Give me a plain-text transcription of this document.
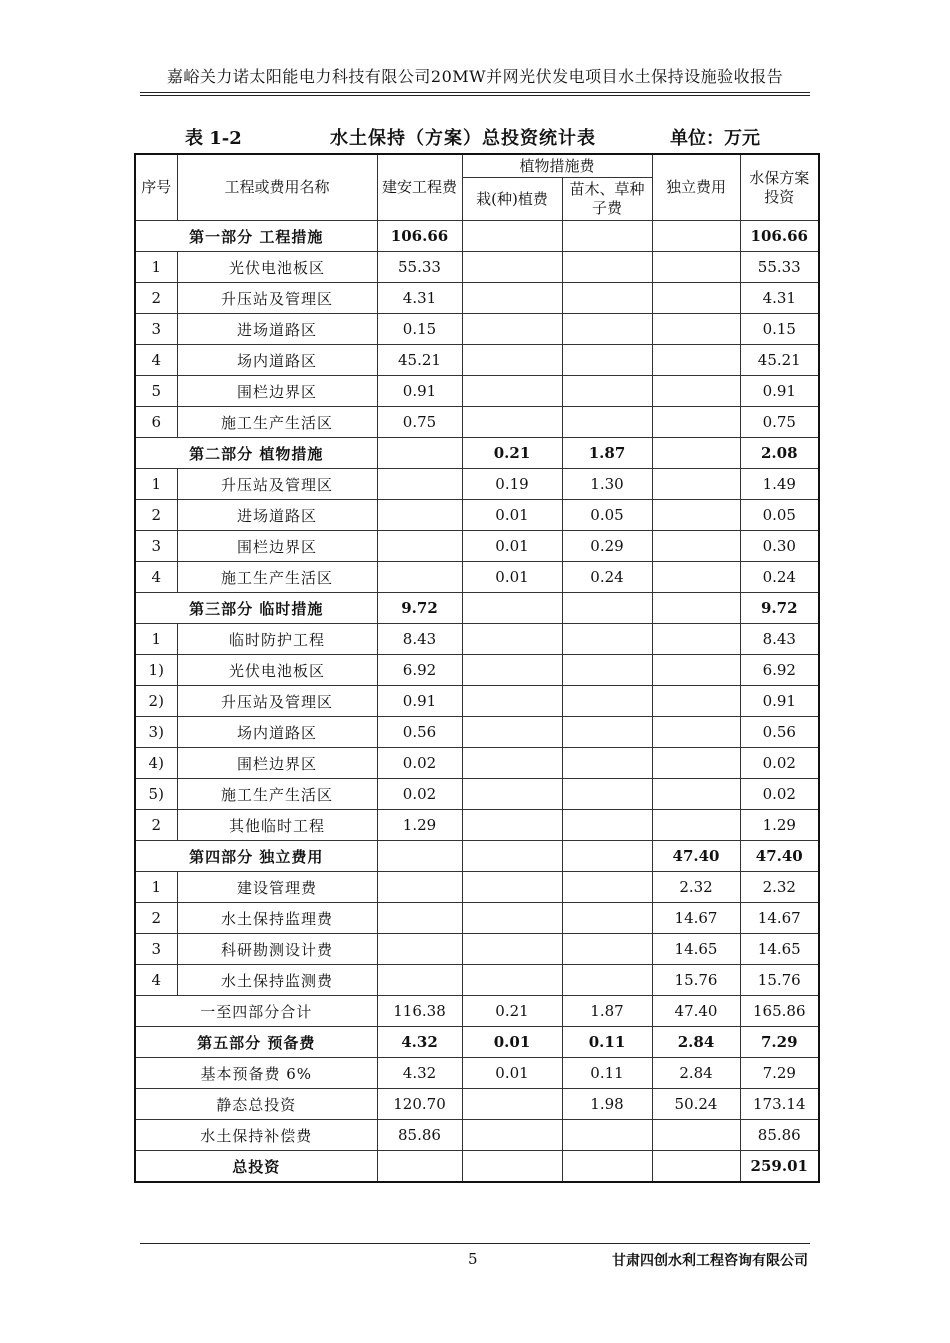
嘉峪关力诺太阳能电力科技有限公司20MW并网光伏发电项目水土保持设施验收报告
表 1-2	水土保持（方案）总投资统计表	单位：万元
序号	工程或费用名称	建安工程费	植物措施费		独立费用	水保方案投资
			栽(种)植费	苗木、草种子费		
第一部分 工程措施		106.66				106.66
1	光伏电池板区	55.33				55.33
2	升压站及管理区	4.31				4.31
3	进场道路区	0.15				0.15
4	场内道路区	45.21				45.21
5	围栏边界区	0.91				0.91
6	施工生产生活区	0.75				0.75
第二部分 植物措施			0.21	1.87		2.08
1	升压站及管理区		0.19	1.30		1.49
2	进场道路区		0.01	0.05		0.05
3	围栏边界区		0.01	0.29		0.30
4	施工生产生活区		0.01	0.24		0.24
第三部分 临时措施		9.72				9.72
1	临时防护工程	8.43				8.43
1)	光伏电池板区	6.92				6.92
2)	升压站及管理区	0.91				0.91
3)	场内道路区	0.56				0.56
4)	围栏边界区	0.02				0.02
5)	施工生产生活区	0.02				0.02
2	其他临时工程	1.29				1.29
第四部分 独立费用					47.40	47.40
1	建设管理费				2.32	2.32
2	水土保持监理费				14.67	14.67
3	科研勘测设计费				14.65	14.65
4	水土保持监测费				15.76	15.76
一至四部分合计		116.38	0.21	1.87	47.40	165.86
第五部分 预备费		4.32	0.01	0.11	2.84	7.29
基本预备费 6%		4.32	0.01	0.11	2.84	7.29
静态总投资		120.70		1.98	50.24	173.14
水土保持补偿费		85.86				85.86
总投资						259.01
5	甘肃四创水利工程咨询有限公司
